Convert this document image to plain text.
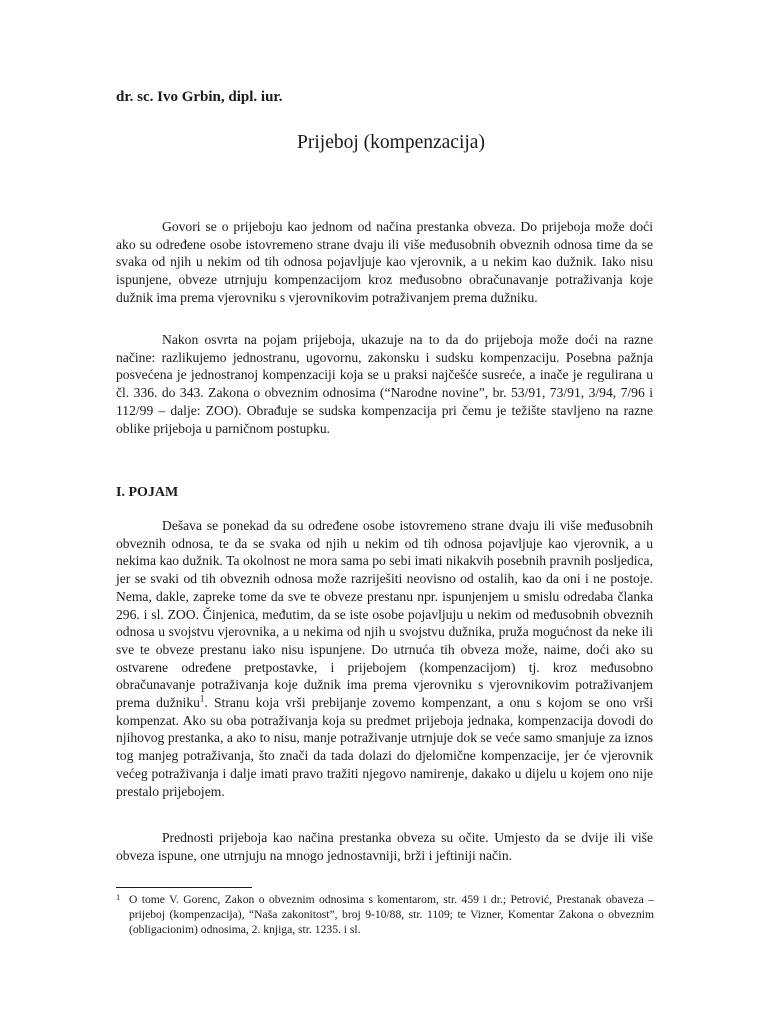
dr. sc. Ivo Grbin, dipl. iur.

Prijeboj (kompenzacija)

Govori se o prijeboju kao jednom od načina prestanka obveza. Do prijeboja može doći ako su određene osobe istovremeno strane dvaju ili više međusobnih obveznih odnosa time da se svaka od njih u nekim od tih odnosa pojavljuje kao vjerovnik, a u nekim kao dužnik. Iako nisu ispunjene, obveze utrnjuju kompenzacijom kroz međusobno obračunavanje potraživanja koje dužnik ima prema vjerovniku s vjerovnikovim potraživanjem prema dužniku.

Nakon osvrta na pojam prijeboja, ukazuje na to da do prijeboja može doći na razne načine: razlikujemo jednostranu, ugovornu, zakonsku i sudsku kompenzaciju. Posebna pažnja posvećena je jednostranoj kompenzaciji koja se u praksi najčešće susreće, a inače je regulirana u čl. 336. do 343. Zakona o obveznim odnosima (“Narodne novine”, br. 53/91, 73/91, 3/94, 7/96 i 112/99 – dalje: ZOO). Obrađuje se sudska kompenzacija pri čemu je težište stavljeno na razne oblike prijeboja u parničnom postupku.

I. POJAM

Dešava se ponekad da su određene osobe istovremeno strane dvaju ili više međusobnih obveznih odnosa, te da se svaka od njih u nekim od tih odnosa pojavljuje kao vjerovnik, a u nekima kao dužnik. Ta okolnost ne mora sama po sebi imati nikakvih posebnih pravnih posljedica, jer se svaki od tih obveznih odnosa može razriješiti neovisno od ostalih, kao da oni i ne postoje. Nema, dakle, zapreke tome da sve te obveze prestanu npr. ispunjenjem u smislu odredaba članka 296. i sl. ZOO. Činjenica, međutim, da se iste osobe pojavljuju u nekim od međusobnih obveznih odnosa u svojstvu vjerovnika, a u nekima od njih u svojstvu dužnika, pruža mogućnost da neke ili sve te obveze prestanu iako nisu ispunjene. Do utrnuća tih obveza može, naime, doći ako su ostvarene određene pretpostavke, i prijebojem (kompenzacijom) tj. kroz međusobno obračunavanje potraživanja koje dužnik ima prema vjerovniku s vjerovnikovim potraživanjem prema dužniku$^1$. Stranu koja vrši prebijanje zovemo kompenzant, a onu s kojom se ono vrši kompenzat. Ako su oba potraživanja koja su predmet prijeboja jednaka, kompenzacija dovodi do njihovog prestanka, a ako to nisu, manje potraživanje utrnjuje dok se veće samo smanjuje za iznos tog manjeg potraživanja, što znači da tada dolazi do djelomične kompenzacije, jer će vjerovnik većeg potraživanja i dalje imati pravo tražiti njegovo namirenje, dakako u dijelu u kojem ono nije prestalo prijebojem.

Prednosti prijeboja kao načina prestanka obveza su očite. Umjesto da se dvije ili više obveza ispune, one utrnjuju na mnogo jednostavniji, brži i jeftiniji način.

1 O tome V. Gorenc, Zakon o obveznim odnosima s komentarom, str. 459 i dr.; Petrović, Prestanak obaveza – prijeboj (kompenzacija), “Naša zakonitost”, broj 9-10/88, str. 1109; te Vizner, Komentar Zakona o obveznim (obligacionim) odnosima, 2. knjiga, str. 1235. i sl.
